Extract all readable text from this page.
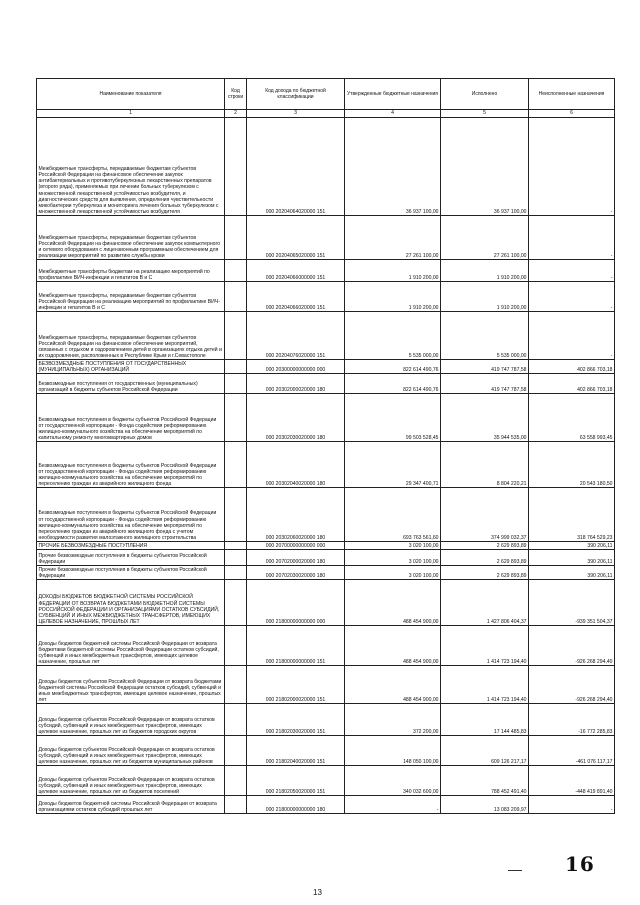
Наименование показателя	Код строки	Код дохода по бюджетной классификации	Утвержденные бюджетные назначения	Исполнено	Неисполненные назначения
1	2	3	4	5	6
Межбюджетные трансферты, передаваемые бюджетам субъектов Российской Федерации на финансовое обеспечение закупок антибактериальных и противотуберкулезных лекарственных препаратов (второго ряда), применяемых при лечении больных туберкулезом с множественной лекарственной устойчивостью возбудителя, и диагностических средств для выявления, определения чувствительности микобактерии туберкулеза и мониторинга лечения больных туберкулезом с множественной лекарственной устойчивостью возбудителя		000 20204064020000 151	36 937 100,00	36 937 100,00	-
Межбюджетные трансферты, передаваемые бюджетам субъектов Российской Федерации на финансовое обеспечение закупок компьютерного и сетевого оборудования с лицензионным программным обеспечением для реализации мероприятий по развитию службы крови		000 20204065020000 151	27 261 100,00	27 261 100,00	-
Межбюджетные трансферты бюджетам на реализацию мероприятий по профилактике ВИЧ-инфекции и гепатитов B и C		000 20204066000000 151	1 910 200,00	1 910 200,00	-
Межбюджетные трансферты, передаваемые бюджетам субъектов Российской Федерации на реализацию мероприятий по профилактике ВИЧ-инфекции и гепатитов B и C		000 20204066020000 151	1 910 200,00	1 910 200,00	-
Межбюджетные трансферты, передаваемые бюджетам субъектов Российской Федерации на финансовое обеспечение мероприятий, связанных с отдыхом и оздоровлением детей в организациях отдыха детей и их оздоровления, расположенных в Республике Крым и г.Севастополе		000 20204076020000 151	5 535 000,00	5 535 000,00	-
БЕЗВОЗМЕЗДНЫЕ ПОСТУПЛЕНИЯ ОТ ГОСУДАРСТВЕННЫХ (МУНИЦИПАЛЬНЫХ) ОРГАНИЗАЦИЙ		000 20300000000000 000	822 614 490,76	419 747 787,58	402 866 703,18
Безвозмездные поступления от государственных (муниципальных) организаций в бюджеты субъектов Российской Федерации		000 20302000020000 180	822 614 490,76	419 747 787,58	402 866 703,18
Безвозмездные поступления в бюджеты субъектов Российской Федерации от государственной корпорации - Фонда содействия реформированию жилищно-коммунального хозяйства на обеспечение мероприятий по капитальному ремонту многоквартирных домов		000 20302030020000 180	99 503 528,45	35 944 535,00	63 558 993,45
Безвозмездные поступления в бюджеты субъектов Российской Федерации от государственной корпорации - Фонда содействия реформированию жилищно-коммунального хозяйства на обеспечение мероприятий по переселению граждан из аварийного жилищного фонда		000 20302040020000 180	29 347 400,71	8 804 220,21	20 543 180,50
Безвозмездные поступления в бюджеты субъектов Российской Федерации от государственной корпорации - Фонда содействия реформированию жилищно-коммунального хозяйства на обеспечение мероприятий по переселению граждан из аварийного жилищного фонда с учетом необходимости развития малоэтажного жилищного строительства		000 20302060020000 180	693 763 561,60	374 999 032,37	318 764 529,23
ПРОЧИЕ БЕЗВОЗМЕЗДНЫЕ ПОСТУПЛЕНИЯ		000 20700000000000 000	3 020 100,00	2 629 893,89	390 206,11
Прочие безвозмездные поступления в бюджеты субъектов Российской Федерации		000 20702000020000 180	3 020 100,00	2 629 893,89	390 206,11
Прочие безвозмездные поступления в бюджеты субъектов Российской Федерации		000 20702030020000 180	3 020 100,00	2 629 893,89	390 206,11
ДОХОДЫ БЮДЖЕТОВ БЮДЖЕТНОЙ СИСТЕМЫ РОССИЙСКОЙ ФЕДЕРАЦИИ ОТ ВОЗВРАТА БЮДЖЕТАМИ БЮДЖЕТНОЙ СИСТЕМЫ РОССИЙСКОЙ ФЕДЕРАЦИИ И ОРГАНИЗАЦИЯМИ ОСТАТКОВ СУБСИДИЙ, СУБВЕНЦИЙ И ИНЫХ МЕЖБЮДЖЕТНЫХ ТРАНСФЕРТОВ, ИМЕЮЩИХ ЦЕЛЕВОЕ НАЗНАЧЕНИЕ, ПРОШЛЫХ ЛЕТ		000 21800000000000 000	488 454 900,00	1 427 806 404,37	-939 351 504,37
Доходы бюджетов бюджетной системы Российской Федерации от возврата бюджетами бюджетной системы Российской Федерации остатков субсидий, субвенций и иных межбюджетных трансфертов, имеющих целевое назначение, прошлых лет		000 21800000000000 151	488 454 900,00	1 414 723 194,40	-926 268 294,40
Доходы бюджетов субъектов Российской Федерации от возврата бюджетами бюджетной системы Российской Федерации остатков субсидий, субвенций и иных межбюджетных трансфертов, имеющих целевое назначение, прошлых лет		000 21802000020000 151	488 454 900,00	1 414 723 194,40	-926 268 294,40
Доходы бюджетов субъектов Российской Федерации от возврата остатков субсидий, субвенций и иных межбюджетных трансфертов, имеющих целевое назначение, прошлых лет из бюджетов городских округов		000 21802030020000 151	372 200,00	17 144 485,83	-16 772 285,83
Доходы бюджетов субъектов Российской Федерации от возврата остатков субсидий, субвенций и иных межбюджетных трансфертов, имеющих целевое назначение, прошлых лет из бюджетов муниципальных районов		000 21802040020000 151	148 050 100,00	609 126 217,17	-461 076 117,17
Доходы бюджетов субъектов Российской Федерации от возврата остатков субсидий, субвенций и иных межбюджетных трансфертов, имеющих целевое назначение, прошлых лет из бюджетов поселений		000 21802050020000 151	340 032 600,00	788 452 491,40	-448 419 891,40
Доходы бюджетов бюджетной системы Российской Федерации от возврата организациями остатков субсидий прошлых лет		000 21800000000000 180	-	13 083 209,97	-
16
13
